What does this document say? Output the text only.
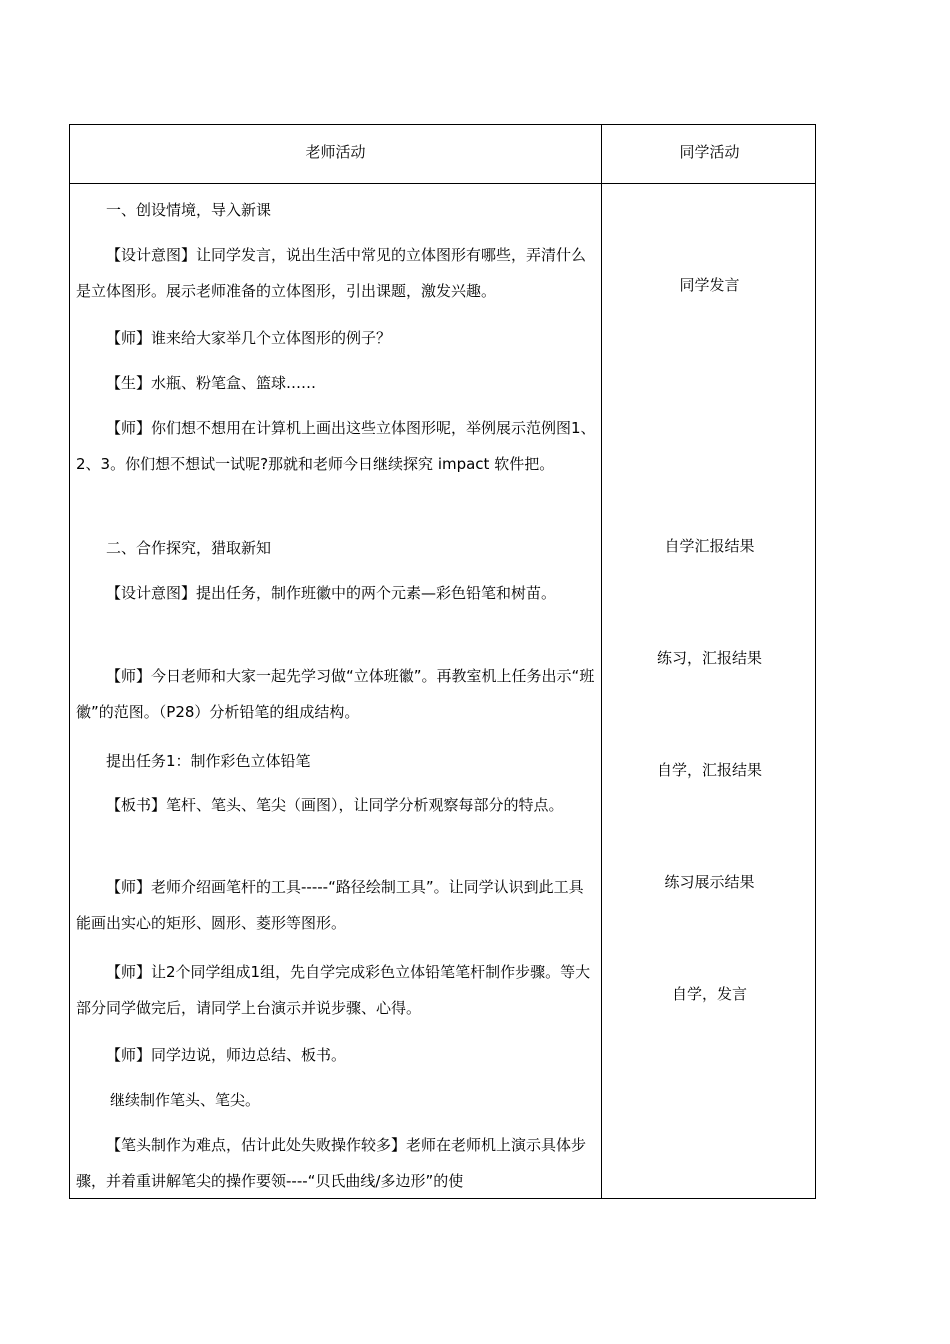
老师活动	同学活动

一、创设情境，导入新课

【设计意图】让同学发言，说出生活中常见的立体图形有哪些，弄清什么是立体图形。展示老师准备的立体图形，引出课题，激发兴趣。

【师】谁来给大家举几个立体图形的例子？

【生】水瓶、粉笔盒、篮球……

【师】你们想不想用在计算机上画出这些立体图形呢，举例展示范例图1、2、3。你们想不想试一试呢?那就和老师今日继续探究 impact 软件把。

二、合作探究，猎取新知

【设计意图】提出任务，制作班徽中的两个元素—彩色铅笔和树苗。

【师】今日老师和大家一起先学习做“立体班徽”。再教室机上任务出示“班徽”的范图。（P28）分析铅笔的组成结构。

提出任务1：制作彩色立体铅笔

【板书】笔杆、笔头、笔尖（画图），让同学分析观察每部分的特点。

【师】老师介绍画笔杆的工具-----“路径绘制工具”。让同学认识到此工具能画出实心的矩形、圆形、菱形等图形。

【师】让2个同学组成1组，先自学完成彩色立体铅笔笔杆制作步骤。等大部分同学做完后，请同学上台演示并说步骤、心得。

【师】同学边说，师边总结、板书。

继续制作笔头、笔尖。

【笔头制作为难点，估计此处失败操作较多】老师在老师机上演示具体步骤，并着重讲解笔尖的操作要领----“贝氏曲线/多边形”的使

同学发言
自学汇报结果
练习，汇报结果
自学，汇报结果
练习展示结果
自学，发言
